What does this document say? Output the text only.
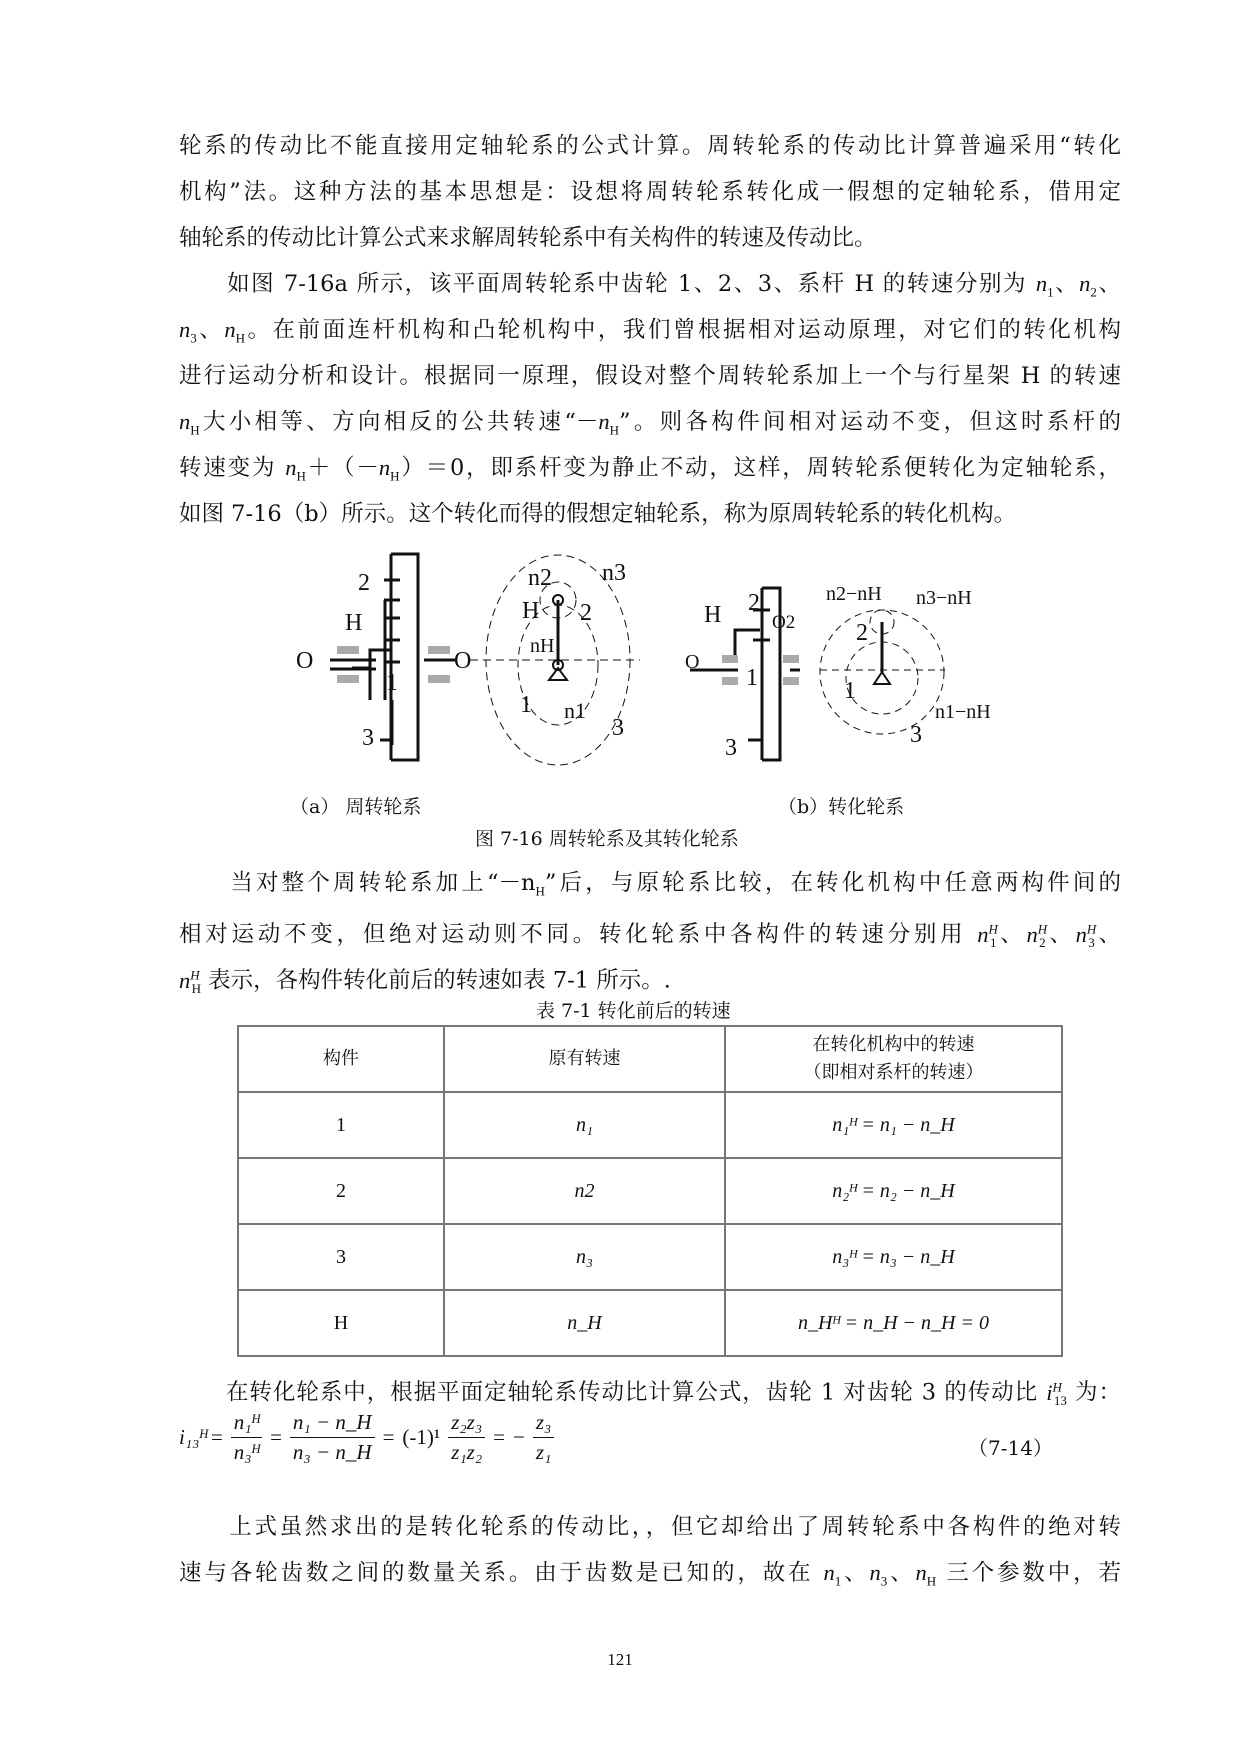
轮系的传动比不能直接用定轴轮系的公式计算。周转轮系的传动比计算普遍采用“转化
机构”法。这种方法的基本思想是：设想将周转轮系转化成一假想的定轴轮系，借用定
轴轮系的传动比计算公式来求解周转轮系中有关构件的转速及传动比。
　　如图 7-16a 所示，该平面周转轮系中齿轮 1、2、3、系杆 H 的转速分别为 $n_1$、$n_2$、
$n_3$、$n_H$。在前面连杆机构和凸轮机构中，我们曾根据相对运动原理，对它们的转化机构
进行运动分析和设计。根据同一原理，假设对整个周转轮系加上一个与行星架 H 的转速
$n_H$大小相等、方向相反的公共转速“$-n_H$”。则各构件间相对运动不变，但这时系杆的
转速变为 $n_H+(-n_H)=0$，即系杆变为静止不动，这样，周转轮系便转化为定轴轮系，
如图 7-16（b）所示。这个转化而得的假想定轴轮系，称为原周转轮系的转化机构。
　　当对整个周转轮系加上“$-n_H$”后，与原轮系比较，在转化机构中任意两构件间的
相对运动不变，但绝对运动则不同。转化轮系中各构件的转速分别用 $n^H_1$、$n^H_2$、$n^H_3$、
$n^H_H$ 表示，各构件转化前后的转速如表 7-1 所示。.
　　在转化轮系中，根据平面定轴轮系传动比计算公式，齿轮 1 对齿轮 3 的传动比 $i^H_{13}$ 为：
　　上式虽然求出的是转化轮系的传动比，，但它却给出了周转轮系中各构件的绝对转
速与各轮齿数之间的数量关系。由于齿数是已知的，故在 $n_1$、$n_3$、$n_H$ 三个参数中，若
2
H
O	O
1
3
n2 n3
H 2
nH
1 n1
3
H 2
O2
O
1
3
n2−nH n3−nH
2
1
n1−nH
3
（a） 周转轮系	（b）转化轮系
图 7-16 周转轮系及其转化轮系
表 7-1 转化前后的转速
构件	原有转速	在转化机构中的转速
（即相对系杆的转速）

1	n₁	n₁ᴴ = n₁ − n_H
2	n2	n₂ᴴ = n₂ − n_H
3	n₃	n₃ᴴ = n₃ − n_H
H	n_H	n_Hᴴ = n_H − n_H = 0
i₁₃ᴴ = $\frac{\text{n₁ᴴ}}{\text{n₃ᴴ}} = \frac{\text{n₁ − n\_H}}{\text{n₃ − n\_H}} = (-1)^1 \frac{\text{z₂z₃}}{\text{z₁z₂}}$ = − $\frac{\text{z₃}}{\text{z₁}}$	（7-14）
121
